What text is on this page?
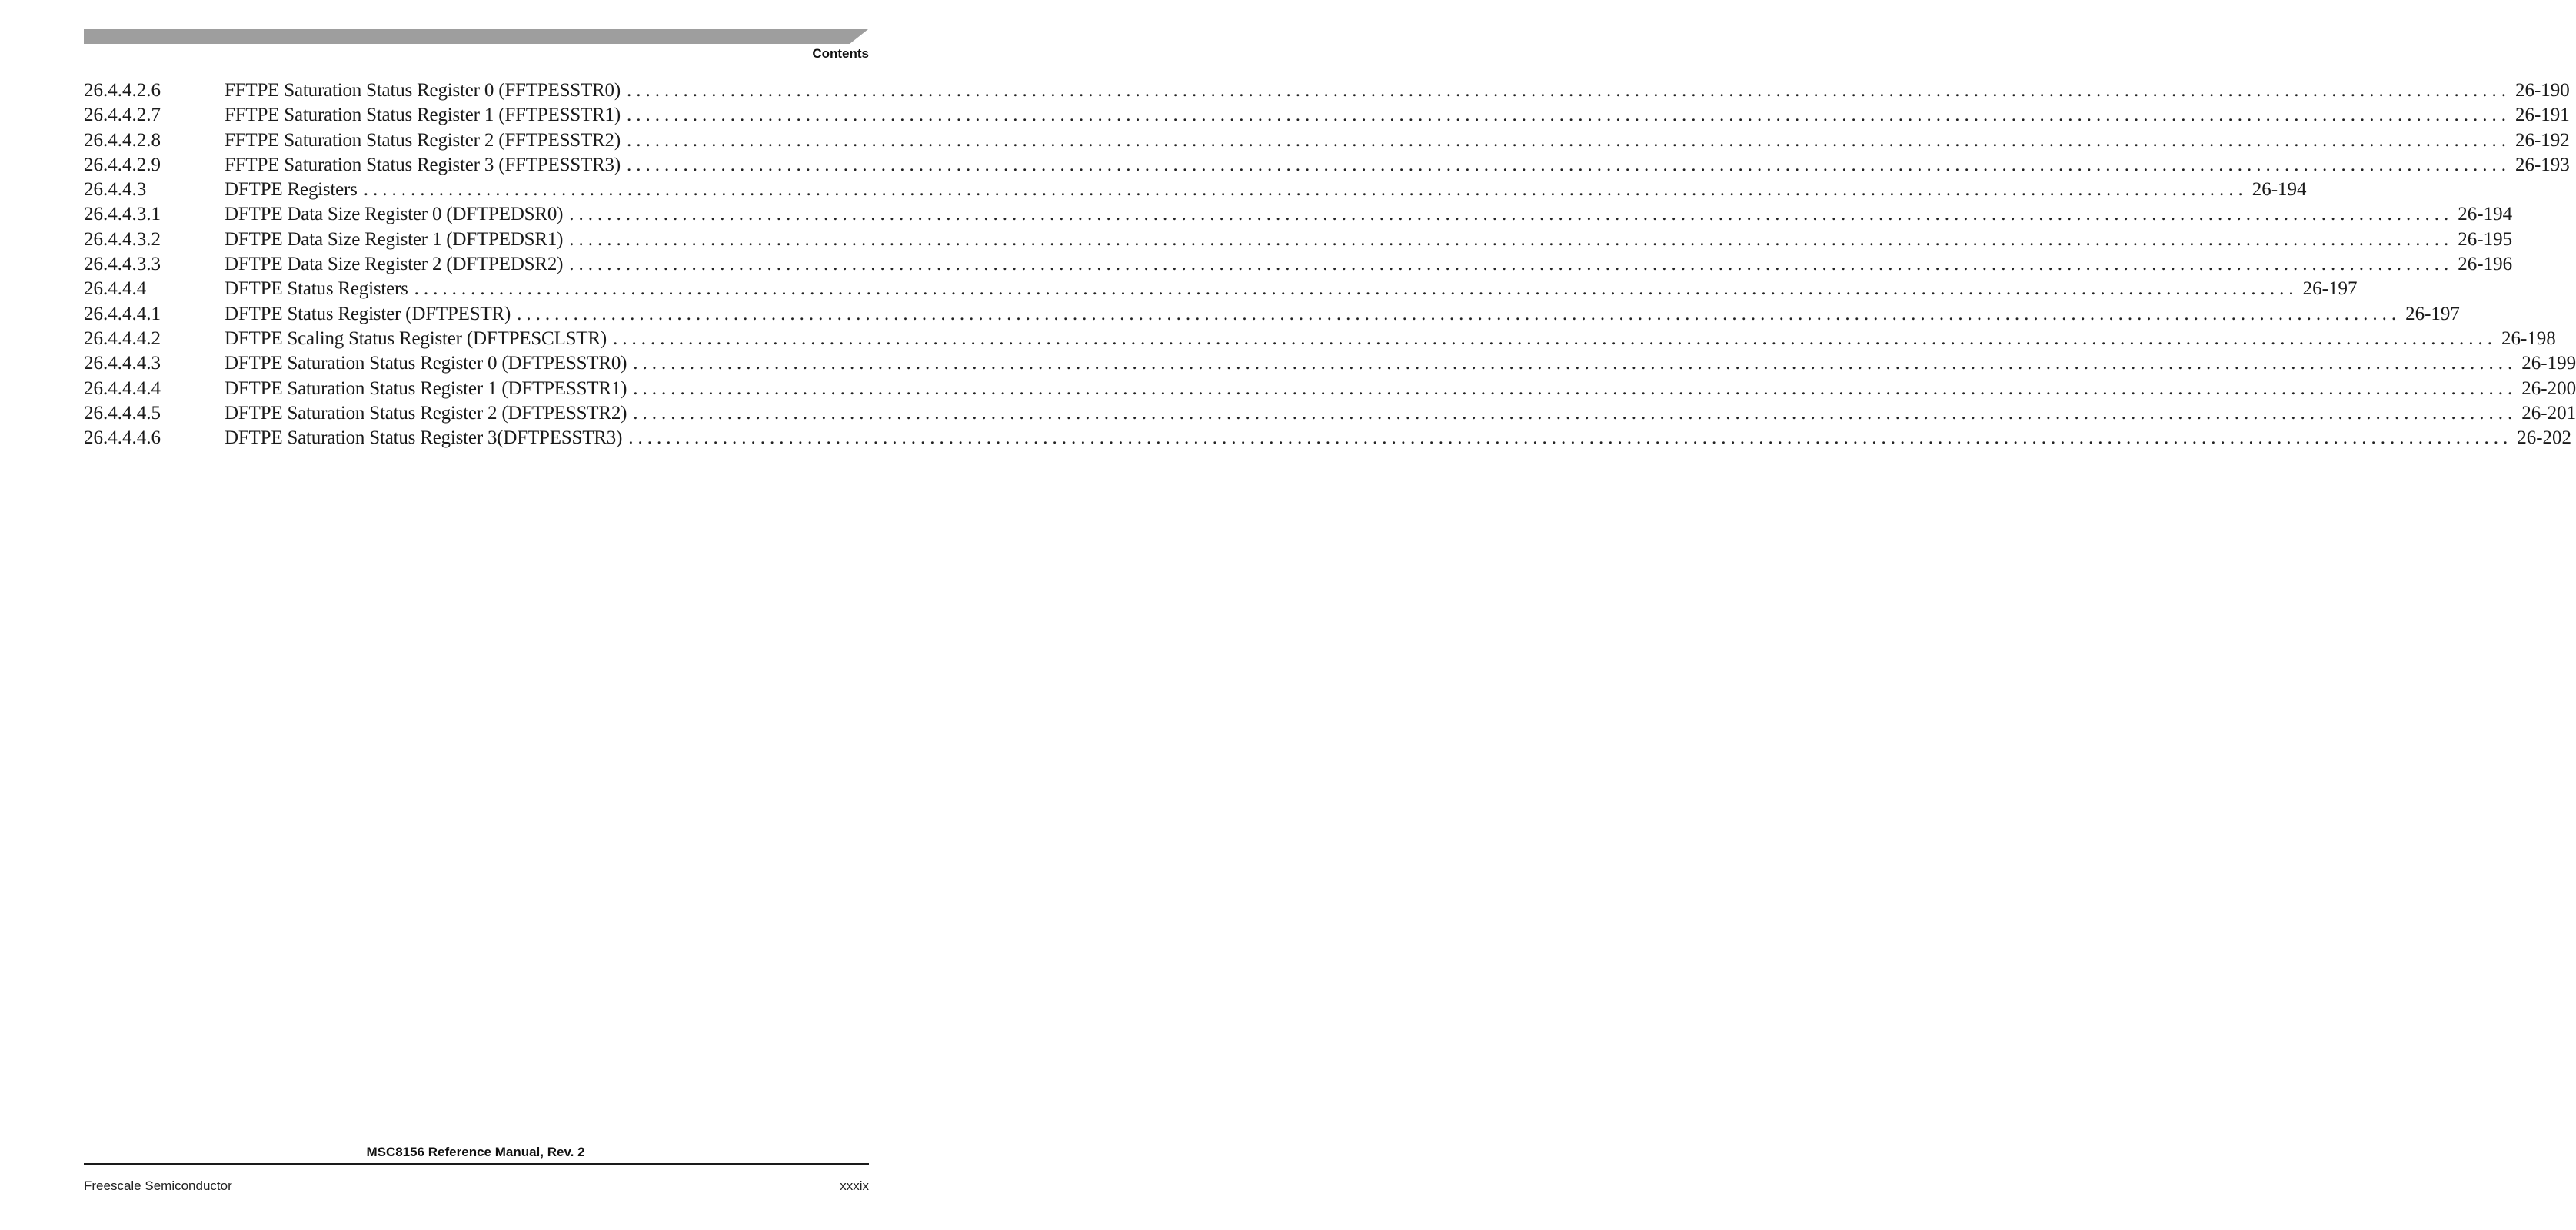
Contents
26.4.4.2.6	FFTPE Saturation Status Register 0 (FFTPESSTR0) ........................................................................................................................................................................................................ 26-190
26.4.4.2.7	FFTPE Saturation Status Register 1 (FFTPESSTR1) ........................................................................................................................................................................................................ 26-191
26.4.4.2.8	FFTPE Saturation Status Register 2 (FFTPESSTR2) ........................................................................................................................................................................................................ 26-192
26.4.4.2.9	FFTPE Saturation Status Register 3 (FFTPESSTR3) ........................................................................................................................................................................................................ 26-193
26.4.4.3	DFTPE Registers ........................................................................................................................................................................................................ 26-194
26.4.4.3.1	DFTPE Data Size Register 0 (DFTPEDSR0) ........................................................................................................................................................................................................ 26-194
26.4.4.3.2	DFTPE Data Size Register 1 (DFTPEDSR1) ........................................................................................................................................................................................................ 26-195
26.4.4.3.3	DFTPE Data Size Register 2 (DFTPEDSR2) ........................................................................................................................................................................................................ 26-196
26.4.4.4	DFTPE Status Registers ........................................................................................................................................................................................................ 26-197
26.4.4.4.1	DFTPE Status Register (DFTPESTR) ........................................................................................................................................................................................................ 26-197
26.4.4.4.2	DFTPE Scaling Status Register (DFTPESCLSTR) ........................................................................................................................................................................................................ 26-198
26.4.4.4.3	DFTPE Saturation Status Register 0 (DFTPESSTR0) ........................................................................................................................................................................................................ 26-199
26.4.4.4.4	DFTPE Saturation Status Register 1 (DFTPESSTR1) ........................................................................................................................................................................................................ 26-200
26.4.4.4.5	DFTPE Saturation Status Register 2 (DFTPESSTR2) ........................................................................................................................................................................................................ 26-201
26.4.4.4.6	DFTPE Saturation Status Register 3(DFTPESSTR3) ........................................................................................................................................................................................................ 26-202
MSC8156 Reference Manual, Rev. 2
Freescale Semiconductor	xxxix
